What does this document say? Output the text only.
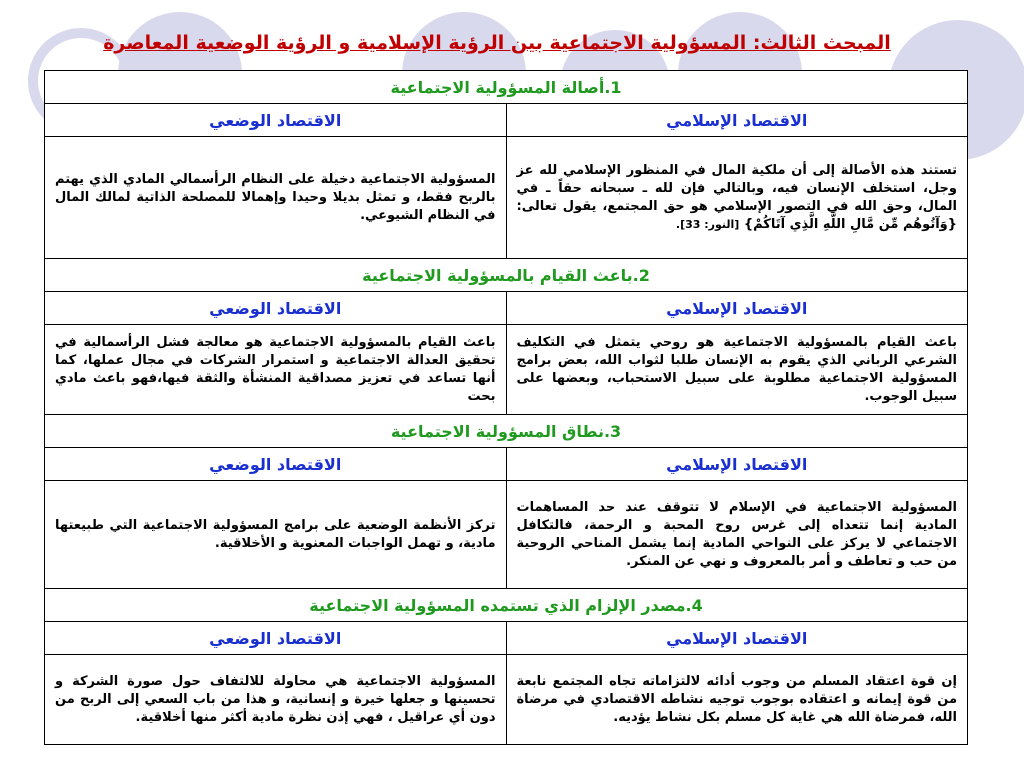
المبحث الثالث: المسؤولية الاجتماعية بين الرؤية الإسلامية و الرؤية الوضعية المعاصرة
1.أصالة المسؤولية الاجتماعية	
الاقتصاد الإسلامي	الاقتصاد الوضعي
تستند هذه الأصالة إلى أن ملكية المال في المنظور الإسلامي لله عز وجل، استخلف الإنسان فيه، وبالتالي فإن لله ـ سبحانه حقاً ـ في المال، وحق الله في التصور الإسلامي هو حق المجتمع، يقول تعالى: {وَآتُوهُم مِّن مَّالِ اللَّهِ الَّذِي آتَاكُمْ} [النور: 33].	المسؤولية الاجتماعية دخيلة على النظام الرأسمالي المادي الذي يهتم بالربح فقط، و تمثل بديلا وحيدا وإهمالا للمصلحة الذاتية لمالك المال في النظام الشيوعي.
2.باعث القيام بالمسؤولية الاجتماعية	
الاقتصاد الإسلامي	الاقتصاد الوضعي
باعث القيام بالمسؤولية الاجتماعية هو روحي يتمثل في التكليف الشرعي الرباني الذي يقوم به الإنسان طلبا لثواب الله، بعض برامج المسؤولية الاجتماعية مطلوبة على سبيل الاستحباب، وبعضها على سبيل الوجوب.	باعث القيام بالمسؤولية الاجتماعية هو معالجة فشل الرأسمالية في تحقيق العدالة الاجتماعية و استمرار الشركات في مجال عملها، كما أنها تساعد في تعزيز مصداقية المنشأة والثقة فيها،فهو باعث مادي بحت
3.نطاق المسؤولية الاجتماعية	
الاقتصاد الإسلامي	الاقتصاد الوضعي
المسؤولية الاجتماعية في الإسلام لا تتوقف عند حد المساهمات المادية إنما تتعداه إلى غرس روح المحبة و الرحمة، فالتكافل الاجتماعي لا يركز على النواحي المادية إنما يشمل المناحي الروحية من حب و تعاطف و أمر بالمعروف و نهي عن المنكر.	تركز الأنظمة الوضعية على برامج المسؤولية الاجتماعية التي طبيعتها مادية، و تهمل الواجبات المعنوية و الأخلاقية.
4.مصدر الإلزام الذي تستمده المسؤولية الاجتماعية	
الاقتصاد الإسلامي	الاقتصاد الوضعي
إن قوة اعتقاد المسلم من وجوب أدائه لالتزاماته تجاه المجتمع نابعة من قوة إيمانه و اعتقاده بوجوب توجيه نشاطه الاقتصادي في مرضاة الله، فمرضاة الله هي غاية كل مسلم بكل نشاط يؤديه.	المسؤولية الاجتماعية هي محاولة للالتفاف حول صورة الشركة و تحسينها و جعلها خيرة و إنسانية، و هذا من باب السعي إلى الربح من دون أي عراقيل ، فهي إذن نظرة مادية أكثر منها أخلاقية.
